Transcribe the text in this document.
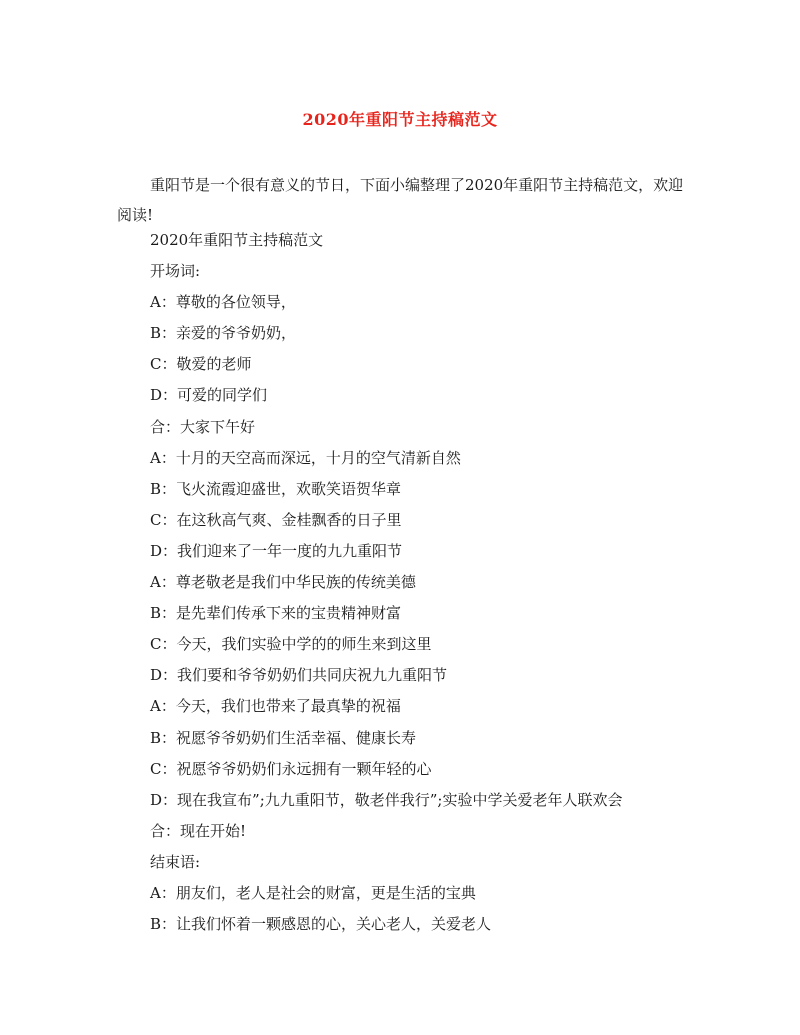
2020年重阳节主持稿范文
重阳节是一个很有意义的节日，下面小编整理了2020年重阳节主持稿范文，欢迎阅读!
2020年重阳节主持稿范文
开场词:
A：尊敬的各位领导，
B：亲爱的爷爷奶奶，
C：敬爱的老师
D：可爱的同学们
合：大家下午好
A：十月的天空高而深远，十月的空气清新自然
B：飞火流霞迎盛世，欢歌笑语贺华章
C：在这秋高气爽、金桂飘香的日子里
D：我们迎来了一年一度的九九重阳节
A：尊老敬老是我们中华民族的传统美德
B：是先辈们传承下来的宝贵精神财富
C：今天，我们实验中学的的师生来到这里
D：我们要和爷爷奶奶们共同庆祝九九重阳节
A：今天，我们也带来了最真挚的祝福
B：祝愿爷爷奶奶们生活幸福、健康长寿
C：祝愿爷爷奶奶们永远拥有一颗年轻的心
D：现在我宣布”;九九重阳节，敬老伴我行”;实验中学关爱老年人联欢会
合：现在开始!
结束语:
A：朋友们，老人是社会的财富，更是生活的宝典
B：让我们怀着一颗感恩的心，关心老人，关爱老人
